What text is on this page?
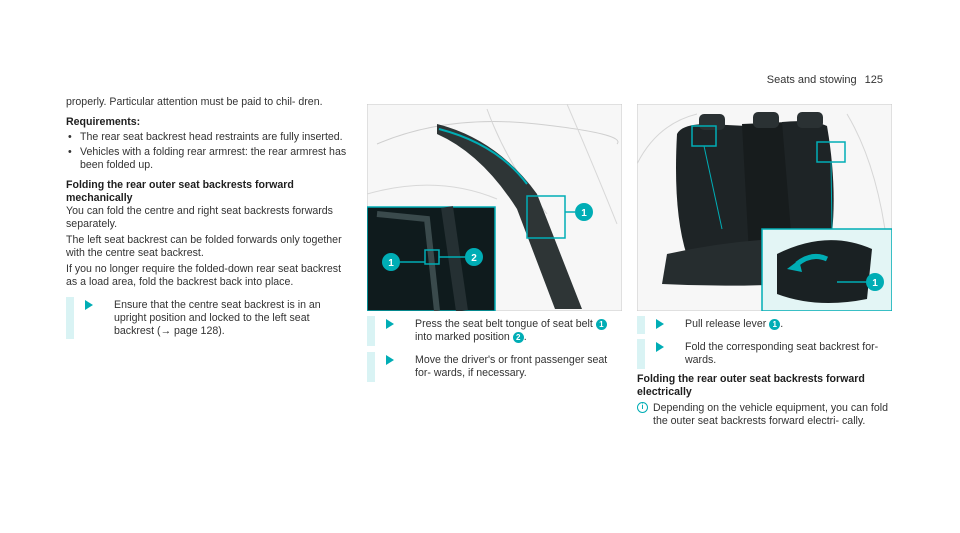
Seats and stowing 125

properly. Particular attention must be paid to chil- dren.

Requirements:

• The rear seat backrest head restraints are fully inserted.
• Vehicles with a folding rear armrest: the rear armrest has been folded up.

Folding the rear outer seat backrests forward mechanically

You can fold the centre and right seat backrests forwards separately.

The left seat backrest can be folded forwards only together with the centre seat backrest.

If you no longer require the folded-down rear seat backrest as a load area, fold the backrest back into place.

Ensure that the centre seat backrest is in an upright position and locked to the left seat backrest (→ page 128).
1
2
1
Press the seat belt tongue of seat belt 1 into marked position 2 .
Move the driver's or front passenger seat for- wards, if necessary.
1
Pull release lever 1 .
Fold the corresponding seat backrest for- wards.

Folding the rear outer seat backrests forward electrically

i Depending on the vehicle equipment, you can fold the outer seat backrests forward electri- cally.
